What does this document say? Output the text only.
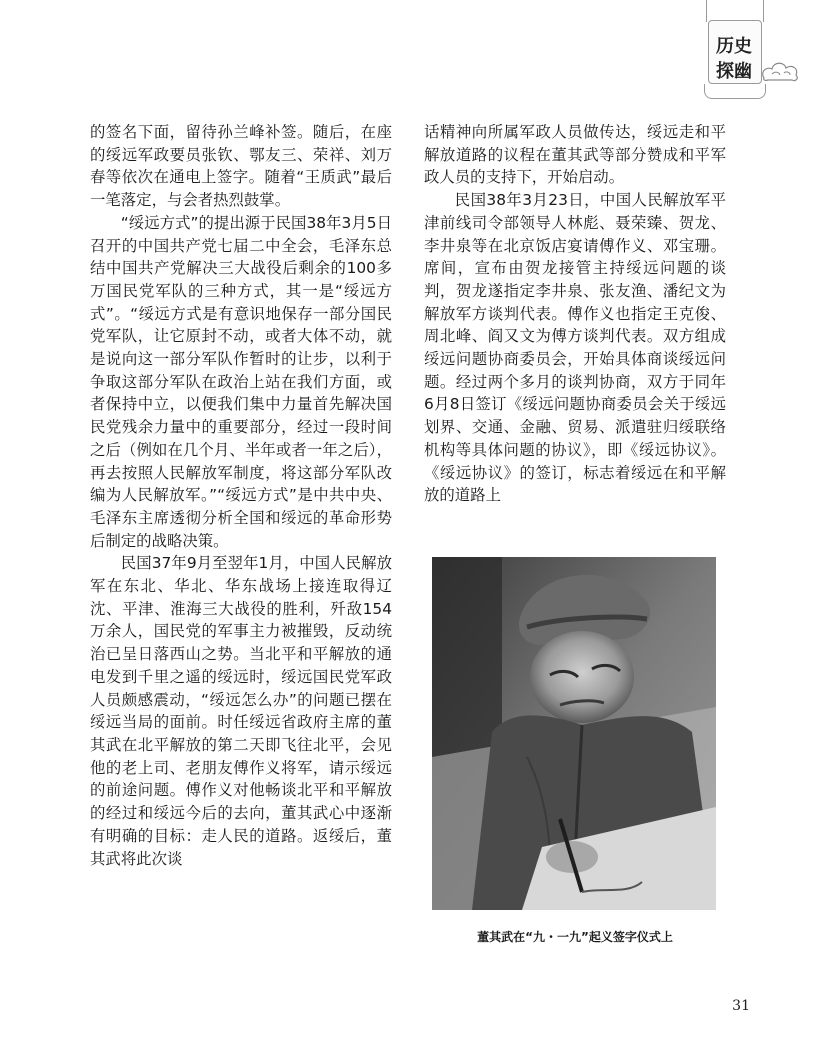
历史
探幽

的签名下面，留待孙兰峰补签。随后，在座的绥远军政要员张钦、鄂友三、荣祥、刘万春等依次在通电上签字。随着“王质武”最后一笔落定，与会者热烈鼓掌。

“绥远方式”的提出源于民国38年3月5日召开的中国共产党七届二中全会，毛泽东总结中国共产党解决三大战役后剩余的100多万国民党军队的三种方式，其一是“绥远方式”。“绥远方式是有意识地保存一部分国民党军队，让它原封不动，或者大体不动，就是说向这一部分军队作暂时的让步，以利于争取这部分军队在政治上站在我们方面，或者保持中立，以便我们集中力量首先解决国民党残余力量中的重要部分，经过一段时间之后（例如在几个月、半年或者一年之后），再去按照人民解放军制度，将这部分军队改编为人民解放军。”“绥远方式”是中共中央、毛泽东主席透彻分析全国和绥远的革命形势后制定的战略决策。

民国37年9月至翌年1月，中国人民解放军在东北、华北、华东战场上接连取得辽沈、平津、淮海三大战役的胜利，歼敌154万余人，国民党的军事主力被摧毁，反动统治已呈日落西山之势。当北平和平解放的通电发到千里之遥的绥远时，绥远国民党军政人员颇感震动，“绥远怎么办”的问题已摆在绥远当局的面前。时任绥远省政府主席的董其武在北平解放的第二天即飞往北平，会见他的老上司、老朋友傅作义将军，请示绥远的前途问题。傅作义对他畅谈北平和平解放的经过和绥远今后的去向，董其武心中逐渐有明确的目标：走人民的道路。返绥后，董其武将此次谈

话精神向所属军政人员做传达，绥远走和平解放道路的议程在董其武等部分赞成和平军政人员的支持下，开始启动。

民国38年3月23日，中国人民解放军平津前线司令部领导人林彪、聂荣臻、贺龙、李井泉等在北京饭店宴请傅作义、邓宝珊。席间，宣布由贺龙接管主持绥远问题的谈判，贺龙遂指定李井泉、张友渔、潘纪文为解放军方谈判代表。傅作义也指定王克俊、周北峰、阎又文为傅方谈判代表。双方组成绥远问题协商委员会，开始具体商谈绥远问题。经过两个多月的谈判协商，双方于同年6月8日签订《绥远问题协商委员会关于绥远划界、交通、金融、贸易、派遣驻归绥联络机构等具体问题的协议》，即《绥远协议》。《绥远协议》的签订，标志着绥远在和平解放的道路上

董其武在“九・一九”起义签字仪式上
31
